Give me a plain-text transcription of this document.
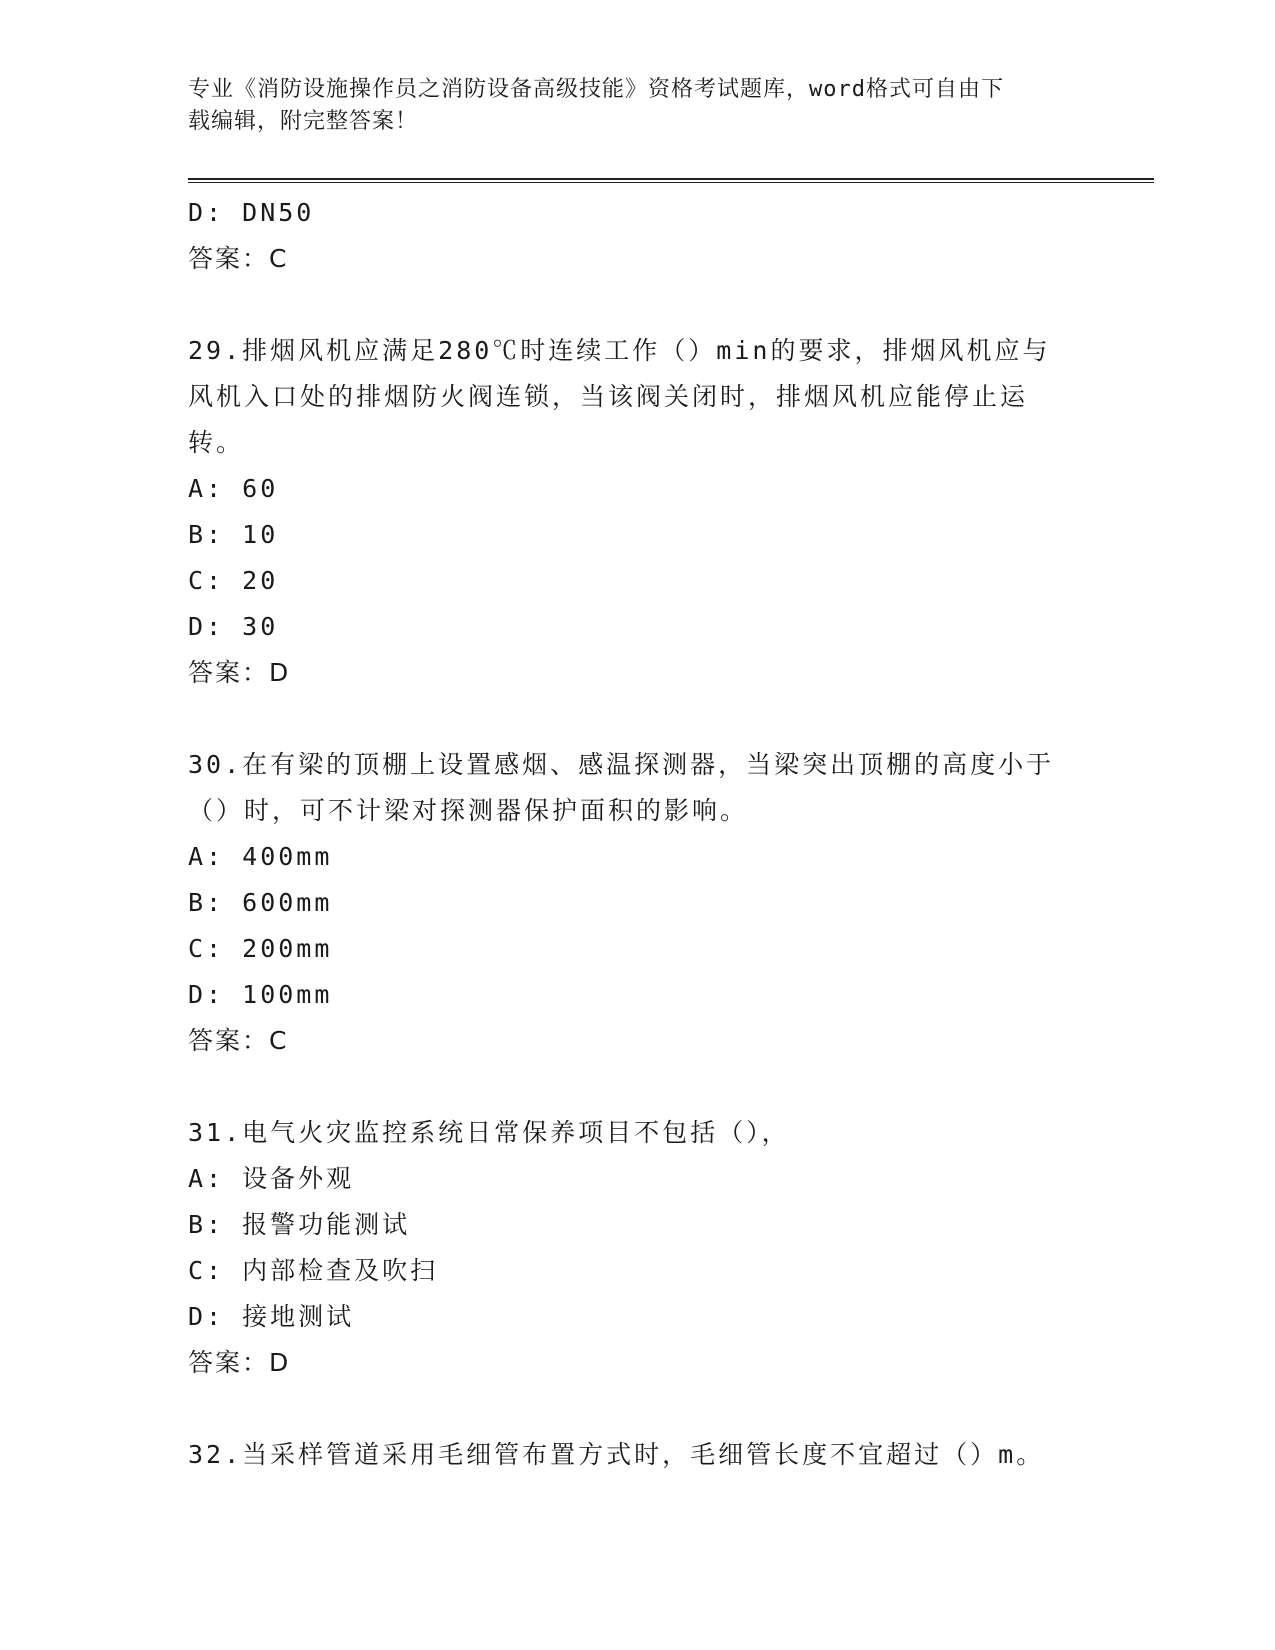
专业《消防设施操作员之消防设备高级技能》资格考试题库，word格式可自由下
载编辑，附完整答案！
D: DN50
答案：C
29.排烟风机应满足280℃时连续工作（）min的要求，排烟风机应与
风机入口处的排烟防火阀连锁，当该阀关闭时，排烟风机应能停止运
转。
A: 60
B: 10
C: 20
D: 30
答案：D
30.在有梁的顶棚上设置感烟、感温探测器，当梁突出顶棚的高度小于
（）时，可不计梁对探测器保护面积的影响。
A: 400mm
B: 600mm
C: 200mm
D: 100mm
答案：C
31.电气火灾监控系统日常保养项目不包括（），
A: 设备外观
B: 报警功能测试
C: 内部检查及吹扫
D: 接地测试
答案：D
32.当采样管道采用毛细管布置方式时，毛细管长度不宜超过（）m。
